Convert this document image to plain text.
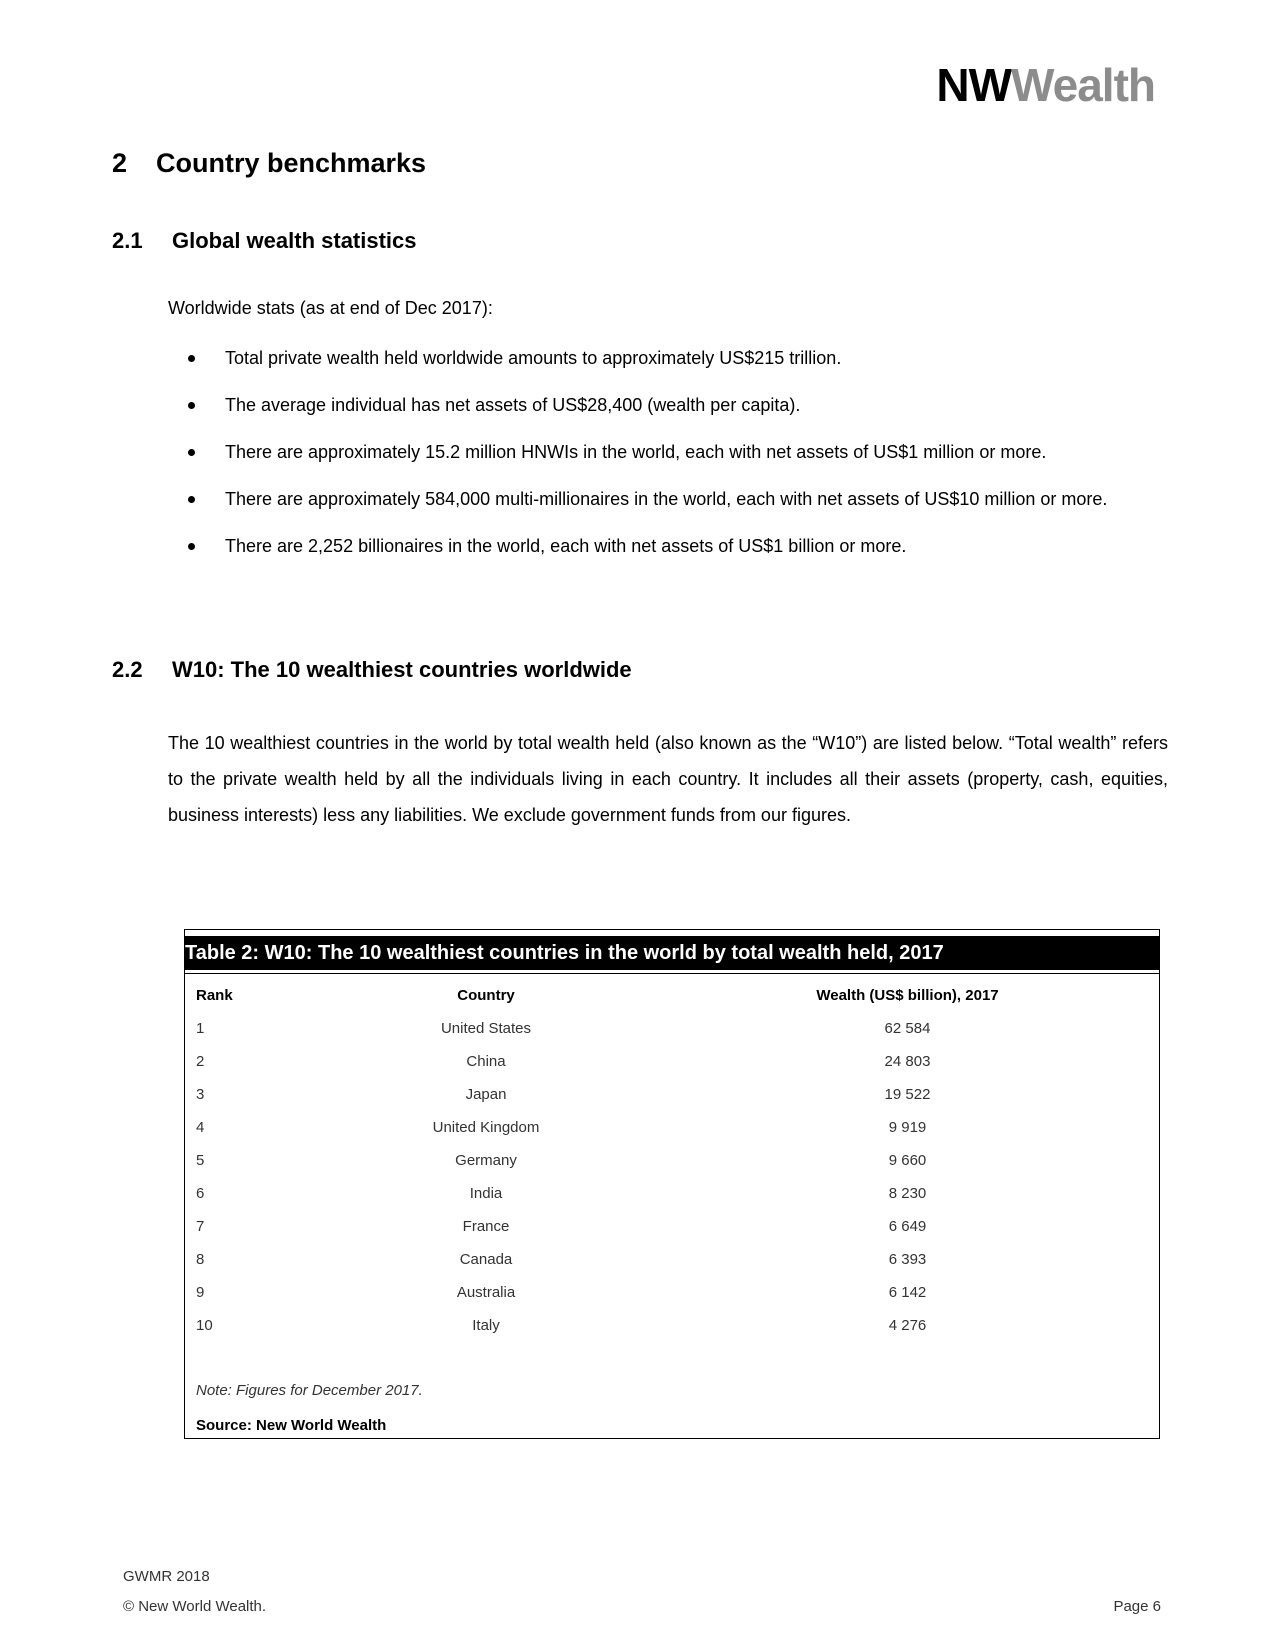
NWWealth
2 Country benchmarks
2.1 Global wealth statistics
Worldwide stats (as at end of Dec 2017):
Total private wealth held worldwide amounts to approximately US$215 trillion.
The average individual has net assets of US$28,400 (wealth per capita).
There are approximately 15.2 million HNWIs in the world, each with net assets of US$1 million or more.
There are approximately 584,000 multi-millionaires in the world, each with net assets of US$10 million or more.
There are 2,252 billionaires in the world, each with net assets of US$1 billion or more.
2.2 W10: The 10 wealthiest countries worldwide

The 10 wealthiest countries in the world by total wealth held (also known as the “W10”) are listed below. “Total wealth” refers to the private wealth held by all the individuals living in each country. It includes all their assets (property, cash, equities, business interests) less any liabilities. We exclude government funds from our figures.

Table 2: W10: The 10 wealthiest countries in the world by total wealth held, 2017
Rank	Country	Wealth (US$ billion), 2017
1	United States	62 584
2	China	24 803
3	Japan	19 522
4	United Kingdom	9 919
5	Germany	9 660
6	India	8 230
7	France	6 649
8	Canada	6 393
9	Australia	6 142
10	Italy	4 276
Note: Figures for December 2017.
Source: New World Wealth
GWMR 2018
© New World Wealth.	Page 6
